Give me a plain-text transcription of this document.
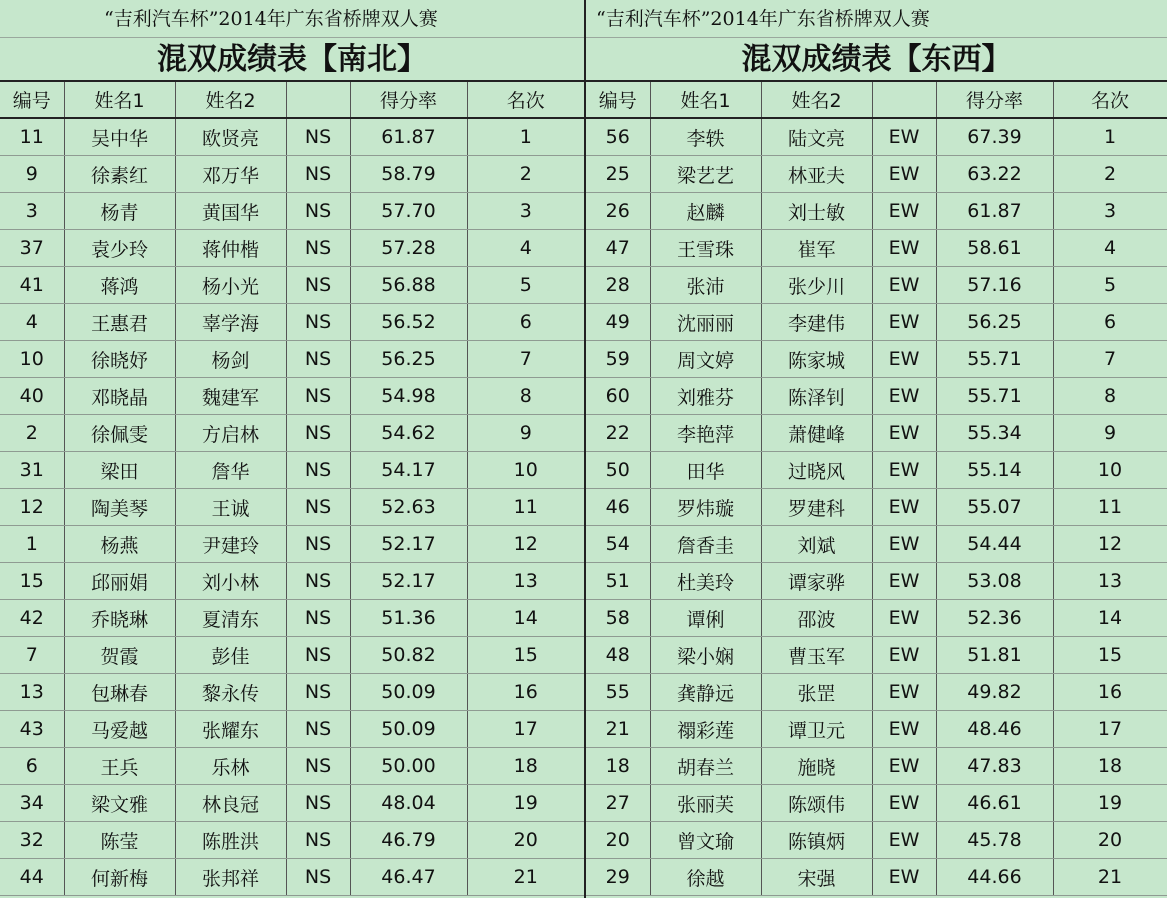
“吉利汽车杯”2014年广东省桥牌双人赛
混双成绩表【南北】
编号	姓名1	姓名2		得分率	名次
11	吴中华	欧贤亮	NS	61.87	1
9	徐素红	邓万华	NS	58.79	2
3	杨青	黄国华	NS	57.70	3
37	袁少玲	蒋仲楷	NS	57.28	4
41	蒋鸿	杨小光	NS	56.88	5
4	王惠君	辜学海	NS	56.52	6
10	徐晓妤	杨剑	NS	56.25	7
40	邓晓晶	魏建军	NS	54.98	8
2	徐佩雯	方启林	NS	54.62	9
31	梁田	詹华	NS	54.17	10
12	陶美琴	王诚	NS	52.63	11
1	杨燕	尹建玲	NS	52.17	12
15	邱丽娟	刘小林	NS	52.17	13
42	乔晓琳	夏清东	NS	51.36	14
7	贺霞	彭佳	NS	50.82	15
13	包琳春	黎永传	NS	50.09	16
43	马爱越	张耀东	NS	50.09	17
6	王兵	乐林	NS	50.00	18
34	梁文雅	林良冠	NS	48.04	19
32	陈莹	陈胜洪	NS	46.79	20
44	何新梅	张邦祥	NS	46.47	21
“吉利汽车杯”2014年广东省桥牌双人赛
混双成绩表【东西】
编号	姓名1	姓名2		得分率	名次
56	李轶	陆文亮	EW	67.39	1
25	梁艺艺	林亚夫	EW	63.22	2
26	赵麟	刘士敏	EW	61.87	3
47	王雪珠	崔军	EW	58.61	4
28	张沛	张少川	EW	57.16	5
49	沈丽丽	李建伟	EW	56.25	6
59	周文婷	陈家城	EW	55.71	7
60	刘雅芬	陈泽钊	EW	55.71	8
22	李艳萍	萧健峰	EW	55.34	9
50	田华	过晓风	EW	55.14	10
46	罗炜璇	罗建科	EW	55.07	11
54	詹香圭	刘斌	EW	54.44	12
51	杜美玲	谭家骅	EW	53.08	13
58	谭俐	邵波	EW	52.36	14
48	梁小娴	曹玉军	EW	51.81	15
55	龚静远	张罡	EW	49.82	16
21	禤彩莲	谭卫元	EW	48.46	17
18	胡春兰	施晓	EW	47.83	18
27	张丽芙	陈颂伟	EW	46.61	19
20	曾文瑜	陈镇炳	EW	45.78	20
29	徐越	宋强	EW	44.66	21
